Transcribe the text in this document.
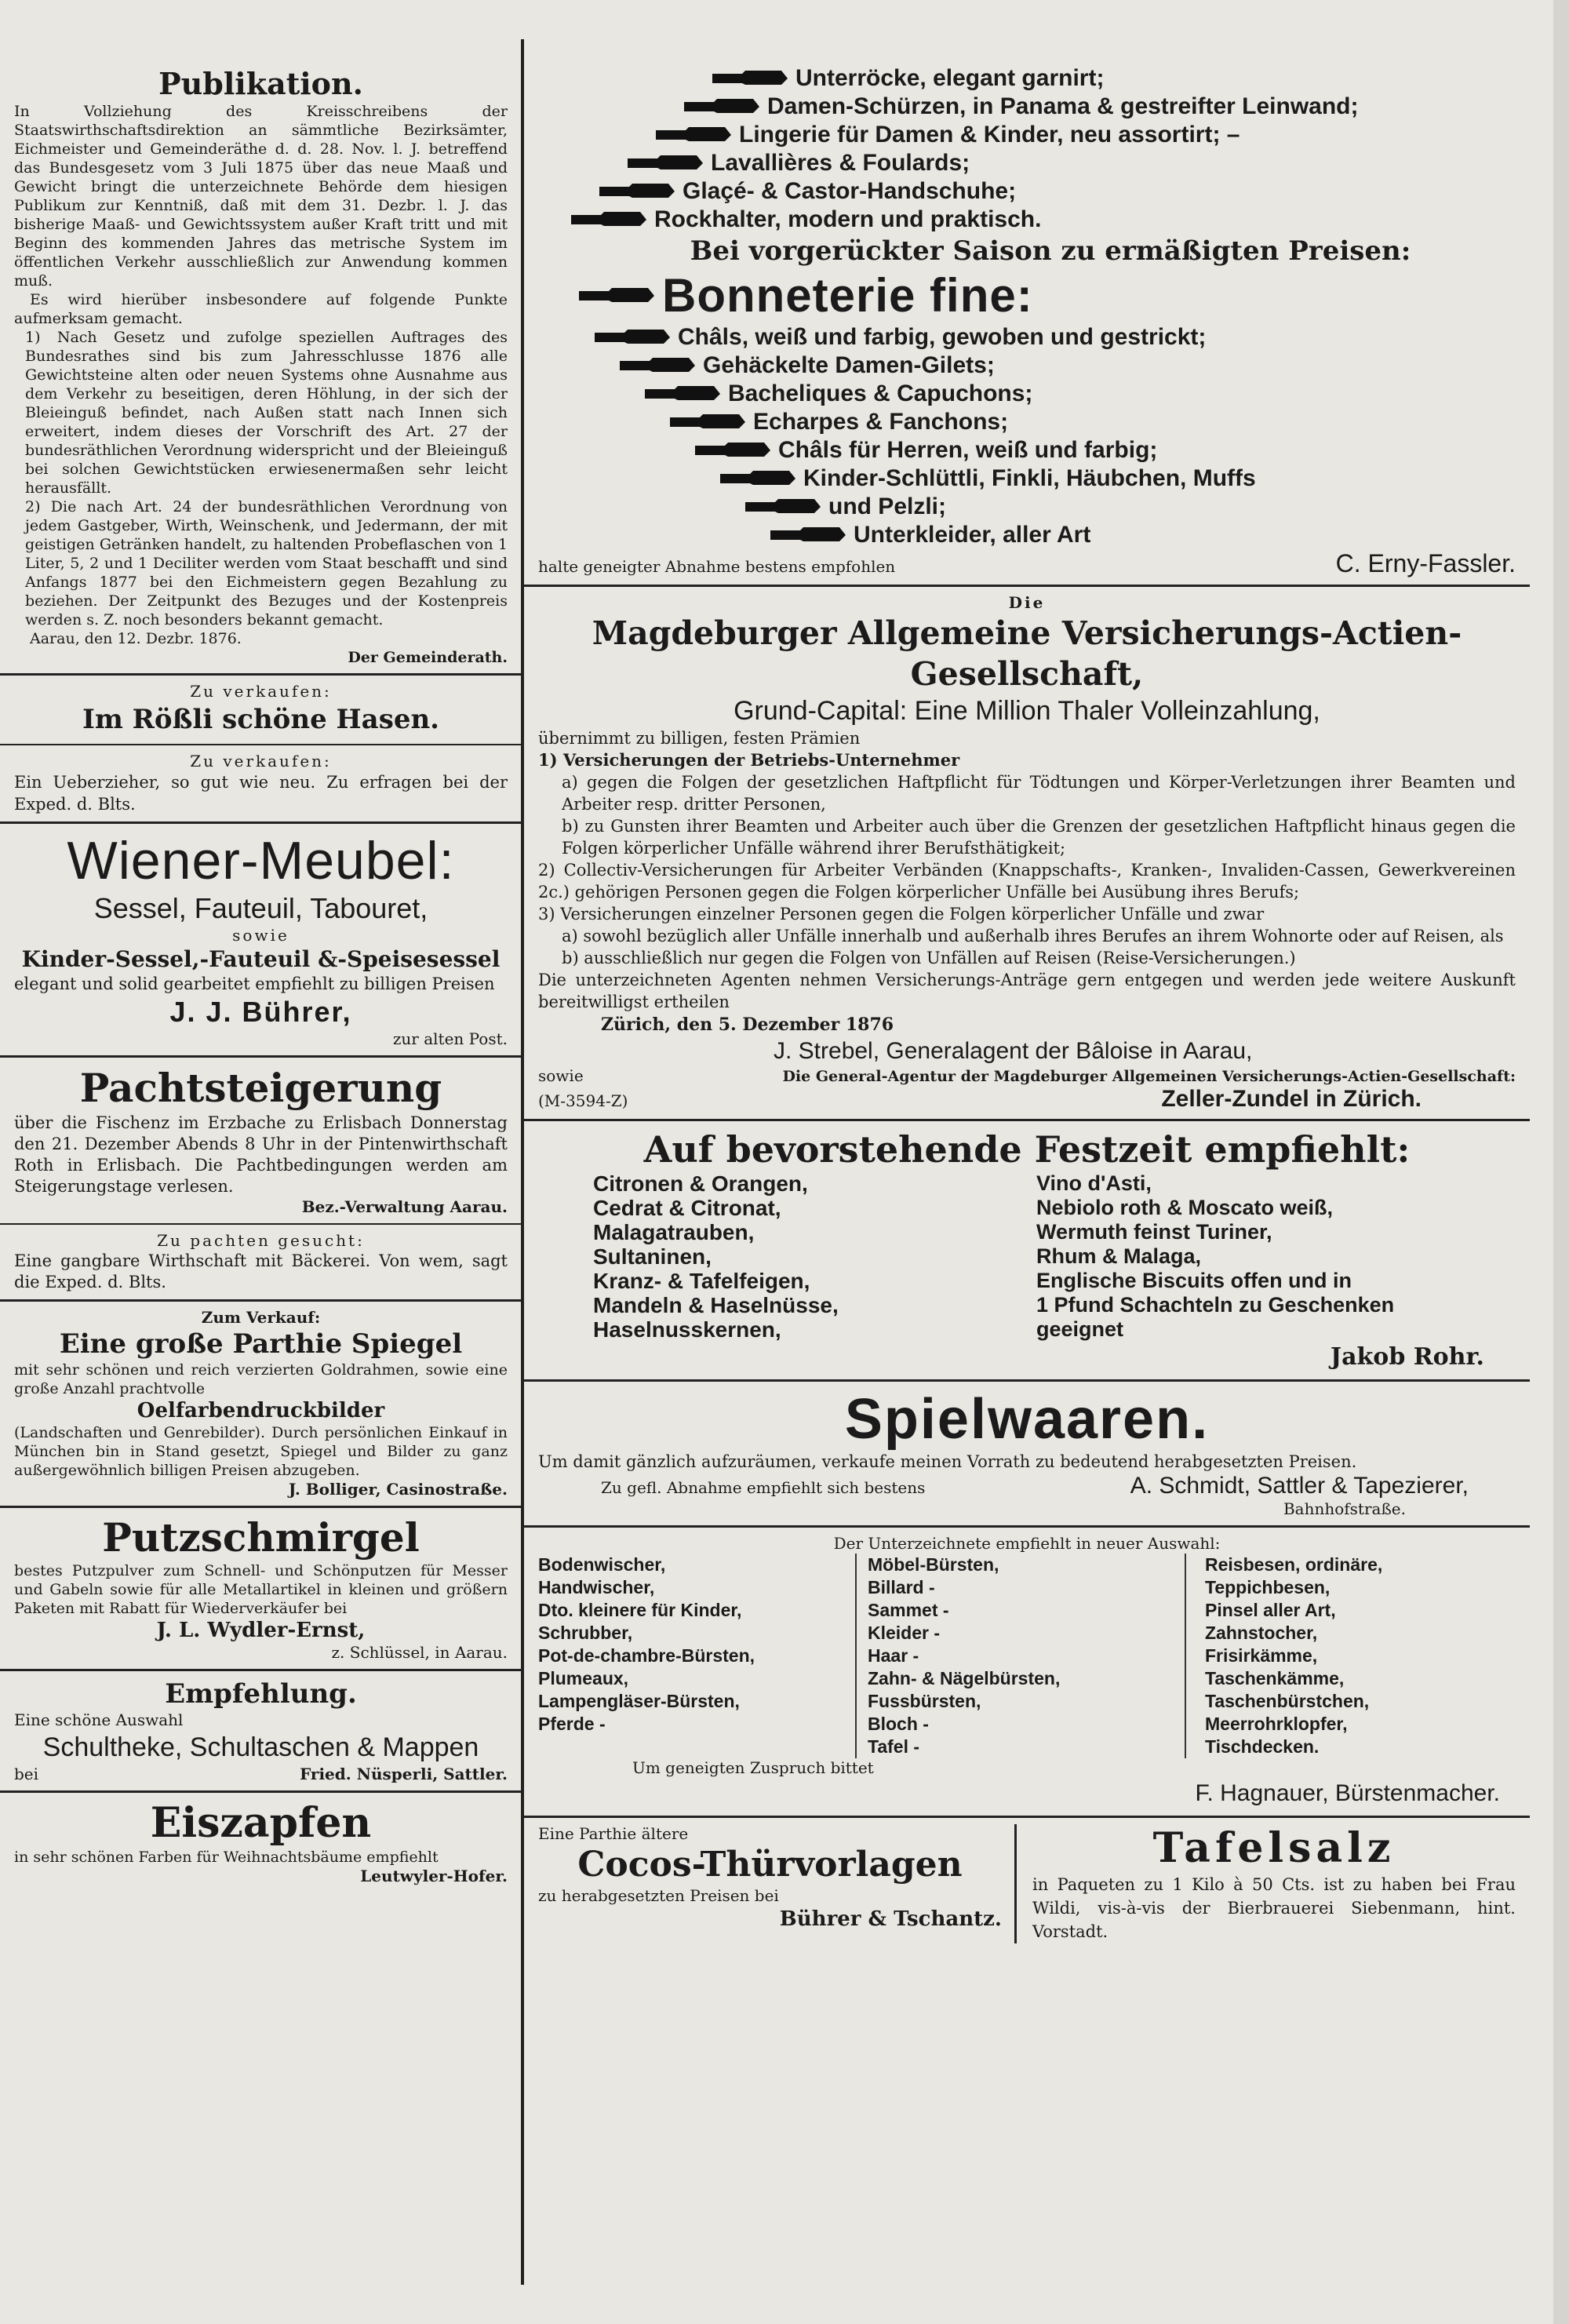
Publikation.

In Vollziehung des Kreisschreibens der Staatswirthschaftsdirektion an sämmtliche Bezirksämter, Eichmeister und Gemeinderäthe d. d. 28. Nov. l. J. betreffend das Bundesgesetz vom 3 Juli 1875 über das neue Maaß und Gewicht bringt die unterzeichnete Behörde dem hiesigen Publikum zur Kenntniß, daß mit dem 31. Dezbr. l. J. das bisherige Maaß- und Gewichtssystem außer Kraft tritt und mit Beginn des kommenden Jahres das metrische System im öffentlichen Verkehr ausschließlich zur Anwendung kommen muß.

Es wird hierüber insbesondere auf folgende Punkte aufmerksam gemacht.

1) Nach Gesetz und zufolge speziellen Auftrages des Bundesrathes sind bis zum Jahresschlusse 1876 alle Gewichtsteine alten oder neuen Systems ohne Ausnahme aus dem Verkehr zu beseitigen, deren Höhlung, in der sich der Bleieinguß befindet, nach Außen statt nach Innen sich erweitert, indem dieses der Vorschrift des Art. 27 der bundesräthlichen Verordnung widerspricht und der Bleieinguß bei solchen Gewichtstücken erwiesenermaßen sehr leicht herausfällt.

2) Die nach Art. 24 der bundesräthlichen Verordnung von jedem Gastgeber, Wirth, Weinschenk, und Jedermann, der mit geistigen Getränken handelt, zu haltenden Probeflaschen von 1 Liter, 5, 2 und 1 Deciliter werden vom Staat beschafft und sind Anfangs 1877 bei den Eichmeistern gegen Bezahlung zu beziehen. Der Zeitpunkt des Bezuges und der Kostenpreis werden s. Z. noch besonders bekannt gemacht.

Aarau, den 12. Dezbr. 1876.

Der Gemeinderath.

Zu verkaufen:
Im Rößli schöne Hasen.
Zu verkaufen:

Ein Ueberzieher, so gut wie neu. Zu erfragen bei der Exped. d. Blts.

Wiener-Meubel:
Sessel, Fauteuil, Tabouret,
sowie
Kinder-Sessel,-Fauteuil &-Speisesessel

elegant und solid gearbeitet empfiehlt zu billigen Preisen

J. J. Bührer,
zur alten Post.
Pachtsteigerung

über die Fischenz im Erzbache zu Erlisbach Donnerstag den 21. Dezember Abends 8 Uhr in der Pintenwirthschaft Roth in Erlisbach. Die Pachtbedingungen werden am Steigerungstage verlesen.

Bez.-Verwaltung Aarau.
Zu pachten gesucht:

Eine gangbare Wirthschaft mit Bäckerei. Von wem, sagt die Exped. d. Blts.

Zum Verkauf:
Eine große Parthie Spiegel

mit sehr schönen und reich verzierten Goldrahmen, sowie eine große Anzahl prachtvolle

Oelfarbendruckbilder

(Landschaften und Genrebilder). Durch persönlichen Einkauf in München bin in Stand gesetzt, Spiegel und Bilder zu ganz außergewöhnlich billigen Preisen abzugeben.

J. Bolliger, Casinostraße.
Putzschmirgel

bestes Putzpulver zum Schnell- und Schönputzen für Messer und Gabeln sowie für alle Metallartikel in kleinen und größern Paketen mit Rabatt für Wiederverkäufer bei

J. L. Wydler-Ernst,
z. Schlüssel, in Aarau.
Empfehlung.
Eine schöne Auswahl
Schultheke, Schultaschen & Mappen
bei	Fried. Nüsperli, Sattler.
Eiszapfen

in sehr schönen Farben für Weihnachtsbäume empfiehlt

Leutwyler-Hofer.
Unterröcke, elegant garnirt;
Damen-Schürzen, in Panama & gestreifter Leinwand;
Lingerie für Damen & Kinder, neu assortirt; –
Lavallières & Foulards;
Glaçé- & Castor-Handschuhe;
Rockhalter, modern und praktisch.
Bei vorgerückter Saison zu ermäßigten Preisen:
Bonneterie fine:
Châls, weiß und farbig, gewoben und gestrickt;
Gehäckelte Damen-Gilets;
Bacheliques & Capuchons;
Echarpes & Fanchons;
Châls für Herren, weiß und farbig;
Kinder-Schlüttli, Finkli, Häubchen, Muffs
und Pelzli;
Unterkleider, aller Art
halte geneigter Abnahme bestens empfohlen	C. Erny-Fassler.
Die
Magdeburger Allgemeine Versicherungs-Actien-Gesellschaft,
Grund-Capital: Eine Million Thaler Volleinzahlung,

übernimmt zu billigen, festen Prämien

1) Versicherungen der Betriebs-Unternehmer

a) gegen die Folgen der gesetzlichen Haftpflicht für Tödtungen und Körper-Verletzungen ihrer Beamten und Arbeiter resp. dritter Personen,

b) zu Gunsten ihrer Beamten und Arbeiter auch über die Grenzen der gesetzlichen Haftpflicht hinaus gegen die Folgen körperlicher Unfälle während ihrer Berufsthätigkeit;

2) Collectiv-Versicherungen für Arbeiter Verbänden (Knappschafts-, Kranken-, Invaliden-Cassen, Gewerkvereinen 2c.) gehörigen Personen gegen die Folgen körperlicher Unfälle bei Ausübung ihres Berufs;

3) Versicherungen einzelner Personen gegen die Folgen körperlicher Unfälle und zwar

a) sowohl bezüglich aller Unfälle innerhalb und außerhalb ihres Berufes an ihrem Wohnorte oder auf Reisen, als

b) ausschließlich nur gegen die Folgen von Unfällen auf Reisen (Reise-Versicherungen.)

Die unterzeichneten Agenten nehmen Versicherungs-Anträge gern entgegen und werden jede weitere Auskunft bereitwilligst ertheilen

Zürich, den 5. Dezember 1876
J. Strebel, Generalagent der Bâloise in Aarau,
sowie	Die General-Agentur der Magdeburger Allgemeinen Versicherungs-Actien-Gesellschaft:
(M-3594-Z)	Zeller-Zundel in Zürich.
Auf bevorstehende Festzeit empfiehlt:
Citronen & Orangen,
Cedrat & Citronat,
Malagatrauben,
Sultaninen,
Kranz- & Tafelfeigen,
Mandeln & Haselnüsse,
Haselnusskernen,
Vino d'Asti,
Nebiolo roth & Moscato weiß,
Wermuth feinst Turiner,
Rhum & Malaga,
Englische Biscuits offen und in
1 Pfund Schachteln zu Geschenken
geeignet
Jakob Rohr.
Spielwaaren.

Um damit gänzlich aufzuräumen, verkaufe meinen Vorrath zu bedeutend herabgesetzten Preisen.

Zu gefl. Abnahme empfiehlt sich bestens	A. Schmidt, Sattler & Tapezierer,
Bahnhofstraße.
Der Unterzeichnete empfiehlt in neuer Auswahl:
Bodenwischer,
Handwischer,
Dto. kleinere für Kinder,
Schrubber,
Pot-de-chambre-Bürsten,
Plumeaux,
Lampengläser-Bürsten,
Pferde -
Möbel-Bürsten,
Billard -
Sammet -
Kleider -
Haar -
Zahn- & Nägelbürsten,
Fussbürsten,
Bloch -
Tafel -
Reisbesen, ordinäre,
Teppichbesen,
Pinsel aller Art,
Zahnstocher,
Frisirkämme,
Taschenkämme,
Taschenbürstchen,
Meerrohrklopfer,
Tischdecken.
Um geneigten Zuspruch bittet
F. Hagnauer, Bürstenmacher.
Eine Parthie ältere
Cocos-Thürvorlagen
zu herabgesetzten Preisen bei
Bührer & Tschantz.
Tafelsalz

in Paqueten zu 1 Kilo à 50 Cts. ist zu haben bei Frau Wildi, vis-à-vis der Bierbrauerei Siebenmann, hint. Vorstadt.
